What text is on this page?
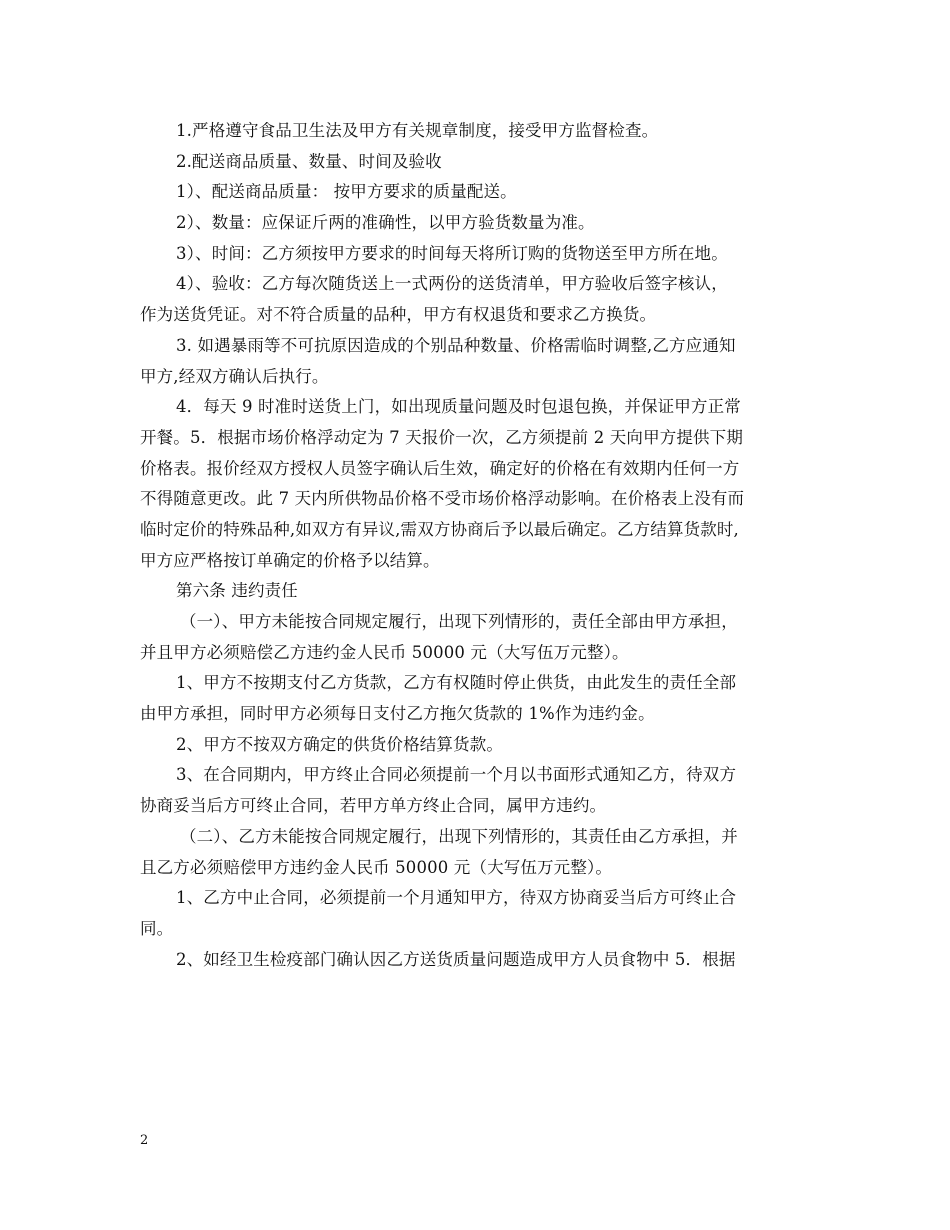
1.严格遵守食品卫生法及甲方有关规章制度，接受甲方监督检查。
2.配送商品质量、数量、时间及验收
1）、配送商品质量： 按甲方要求的质量配送。
2）、数量：应保证斤两的准确性，以甲方验货数量为准。
3）、时间：乙方须按甲方要求的时间每天将所订购的货物送至甲方所在地。
4）、验收：乙方每次随货送上一式两份的送货清单，甲方验收后签字核认，
作为送货凭证。对不符合质量的品种，甲方有权退货和要求乙方换货。
3. 如遇暴雨等不可抗原因造成的个别品种数量、价格需临时调整,乙方应通知
甲方,经双方确认后执行。
4．每天 9 时准时送货上门，如出现质量问题及时包退包换，并保证甲方正常
开餐。5．根据市场价格浮动定为 7 天报价一次，乙方须提前 2 天向甲方提供下期
价格表。报价经双方授权人员签字确认后生效，确定好的价格在有效期内任何一方
不得随意更改。此 7 天内所供物品价格不受市场价格浮动影响。在价格表上没有而
临时定价的特殊品种,如双方有异议,需双方协商后予以最后确定。乙方结算货款时,
甲方应严格按订单确定的价格予以结算。
第六条 违约责任
（一）、甲方未能按合同规定履行，出现下列情形的，责任全部由甲方承担，
并且甲方必须赔偿乙方违约金人民币 50000 元（大写伍万元整）。
1、甲方不按期支付乙方货款，乙方有权随时停止供货，由此发生的责任全部
由甲方承担，同时甲方必须每日支付乙方拖欠货款的 1%作为违约金。
2、甲方不按双方确定的供货价格结算货款。
3、在合同期内，甲方终止合同必须提前一个月以书面形式通知乙方，待双方
协商妥当后方可终止合同，若甲方单方终止合同，属甲方违约。
（二）、乙方未能按合同规定履行，出现下列情形的，其责任由乙方承担，并
且乙方必须赔偿甲方违约金人民币 50000 元（大写伍万元整）。
1、乙方中止合同，必须提前一个月通知甲方，待双方协商妥当后方可终止合
同。
2、如经卫生检疫部门确认因乙方送货质量问题造成甲方人员食物中 5．根据
2
